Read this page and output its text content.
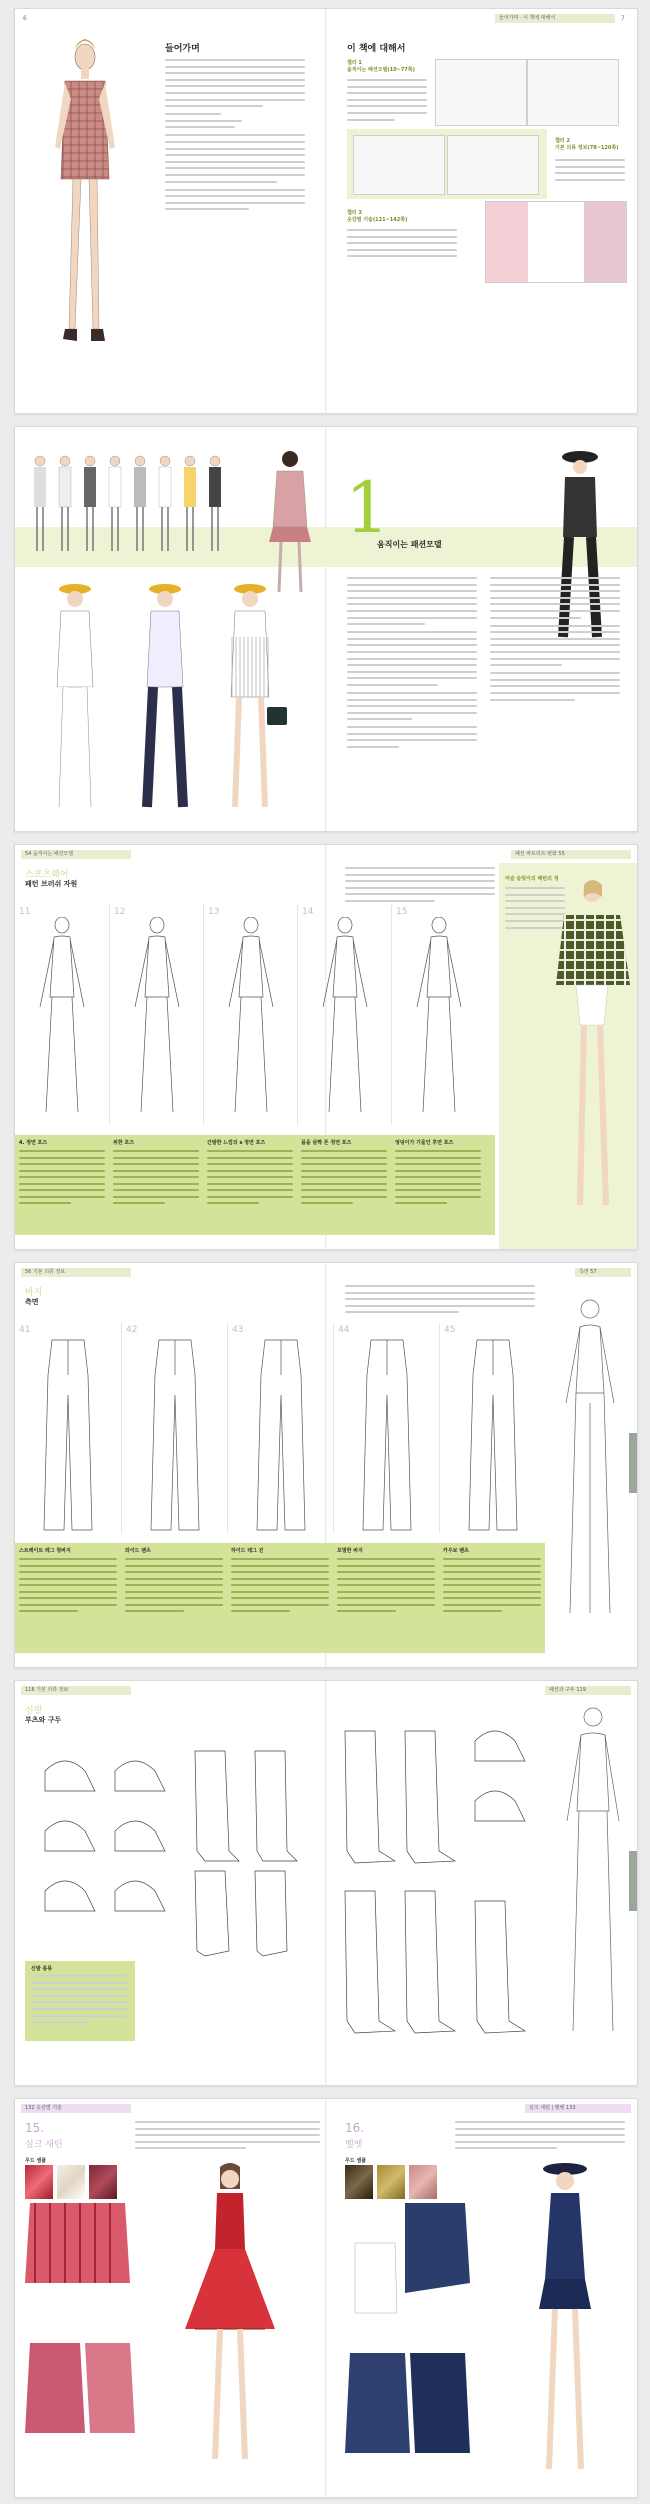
6	들어가며 · 이 책에 대해서	7
들어가며	이 책에 대해서
챕터 1
움직이는 패션모델(10~77쪽)
챕터 2
기본 의류 정보(78~120쪽)
챕터 3
옷감별 기술(121~142쪽)
1
움직이는 패션모델
54 움직이는 패션모델	패션 파트리트 변화 55
스포츠웨어
패턴 브러쉬 자원
11	12	13	14	15
4. 정면 포즈	위한 포즈	간발한 느낌의 s 정면 포즈	몸을 살짝 튼 정면 포즈	엉덩이가 기울인 후면 포즈
머슬 슬릿이의 패턴의 정
56 기본 의류 정보	측면 57
바지
측면
41	42	43	44	45
스트레이트 레그 청바지	와이드 팬츠	하이드 테그 진	포멀한 바지	카우보 펜츠
118 기본 의류 정보	패션과 구두 119
신발
부츠와 구두
신발 종류
132 옷감별 기술	실크 새틴 | 벨벳 133
15.
실크 새틴
무드 샘플
16.
벨벳
무드 샘플
